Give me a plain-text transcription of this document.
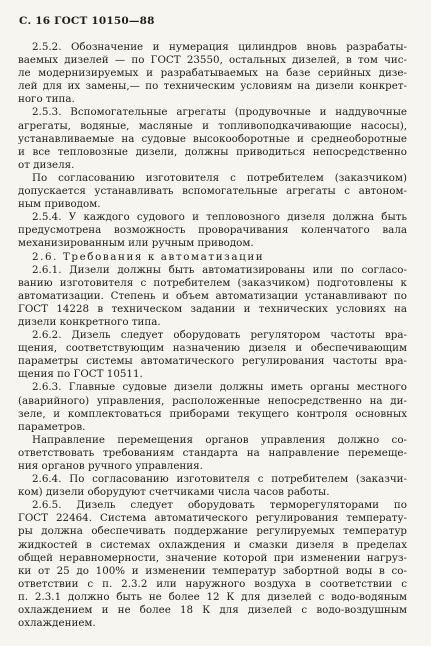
С. 16 ГОСТ 10150—88
2.5.2. Обозначение и нумерация цилиндров вновь разрабаты-
ваемых дизелей — по ГОСТ 23550, остальных дизелей, в том чис-
ле модернизируемых и разрабатываемых на базе серийных дизе-
лей для их замены,— по техническим условиям на дизели конкрет-
ного типа.
2.5.3. Вспомогательные агрегаты (продувочные и наддувочные
агрегаты, водяные, масляные и топливоподкачивающие насосы),
устанавливаемые на судовые высокооборотные и среднеоборотные
и все тепловозные дизели, должны приводиться непосредственно
от дизеля.
По согласованию изготовителя с потребителем (заказчиком)
допускается устанавливать вспомогательные агрегаты с автоном-
ным приводом.
2.5.4. У каждого судового и тепловозного дизеля должна быть
предусмотрена возможность проворачивания коленчатого вала
механизированным или ручным приводом.
2.6. Требования к автоматизации
2.6.1. Дизели должны быть автоматизированы или по согласо-
ванию изготовителя с потребителем (заказчиком) подготовлены к
автоматизации. Степень и объем автоматизации устанавливают по
ГОСТ 14228 в техническом задании и технических условиях на
дизели конкретного типа.
2.6.2. Дизель следует оборудовать регулятором частоты вра-
щения, соответствующим назначению дизеля и обеспечивающим
параметры системы автоматического регулирования частоты вра-
щения по ГОСТ 10511.
2.6.3. Главные судовые дизели должны иметь органы местного
(аварийного) управления, расположенные непосредственно на ди-
зеле, и комплектоваться приборами текущего контроля основных
параметров.
Направление перемещения органов управления должно со-
ответствовать требованиям стандарта на направление перемеще-
ния органов ручного управления.
2.6.4. По согласованию изготовителя с потребителем (заказчи-
ком) дизели оборудуют счетчиками числа часов работы.
2.6.5. Дизель следует оборудовать терморегуляторами по
ГОСТ 22464. Система автоматического регулирования температу-
ры должна обеспечивать поддержание регулируемых температур
жидкостей в системах охлаждения и смазки дизеля в пределах
общей неравномерности, значение которой при изменении нагруз-
ки от 25 до 100% и изменении температур забортной воды в со-
ответствии с п. 2.3.2 или наружного воздуха в соответствии с
п. 2.3.1 должно быть не более 12 К для дизелей с водо-водяным
охлаждением и не более 18 К для дизелей с водо-воздушным
охлаждением.
